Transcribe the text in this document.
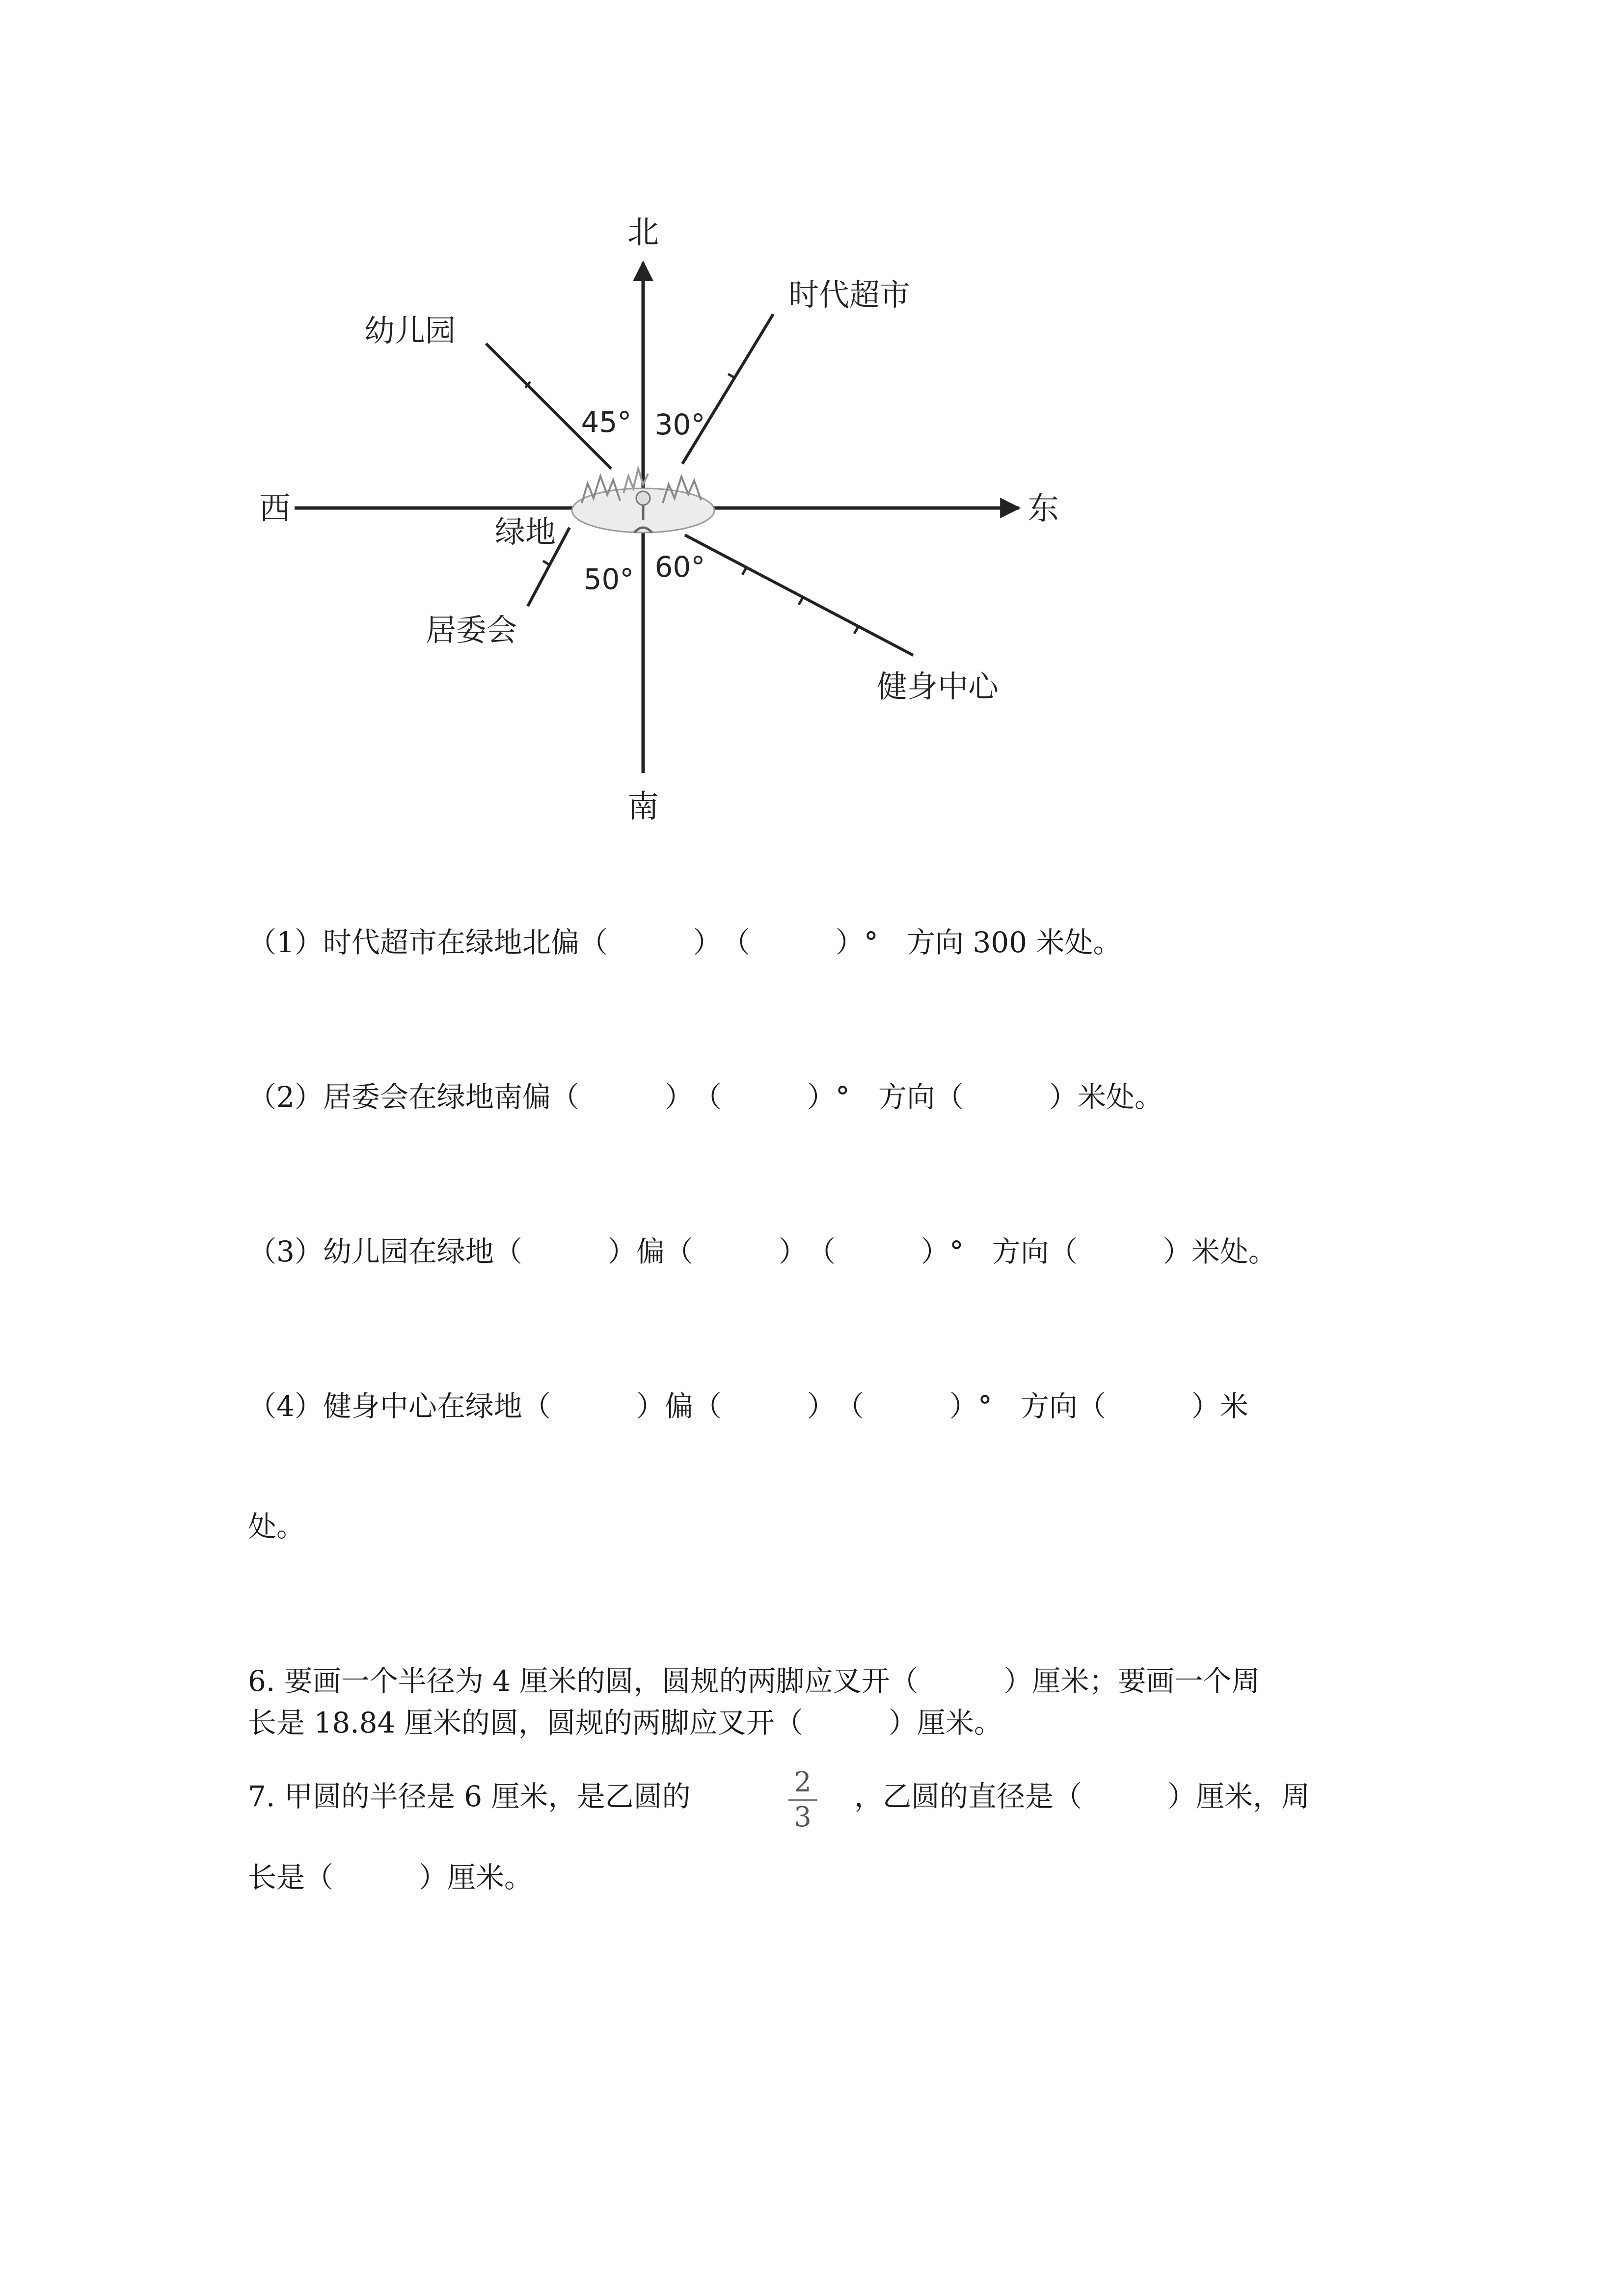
北
南
西	东
绿地
时代超市
幼儿园
居委会
健身中心
45° 30°
50° 60°
（1）时代超市在绿地北偏（　　　）　（　　　）°　方向 300 米处。
（2）居委会在绿地南偏（　　　）　（　　　）°　方向（　　　）米处。
（3）幼儿园在绿地（　　　）偏（　　　）　（　　　）°　方向（　　　）米处。
（4）健身中心在绿地（　　　）偏（　　　）　（　　　）°　方向（　　　）米
处。
6. 要画一个半径为 4 厘米的圆，圆规的两脚应叉开（　　　）厘米；要画一个周
长是 18.84 厘米的圆，圆规的两脚应叉开（　　　）厘米。
7. 甲圆的半径是 6 厘米，是乙圆的	2
3
，乙圆的直径是（　　　）厘米，周
长是（　　　）厘米。
